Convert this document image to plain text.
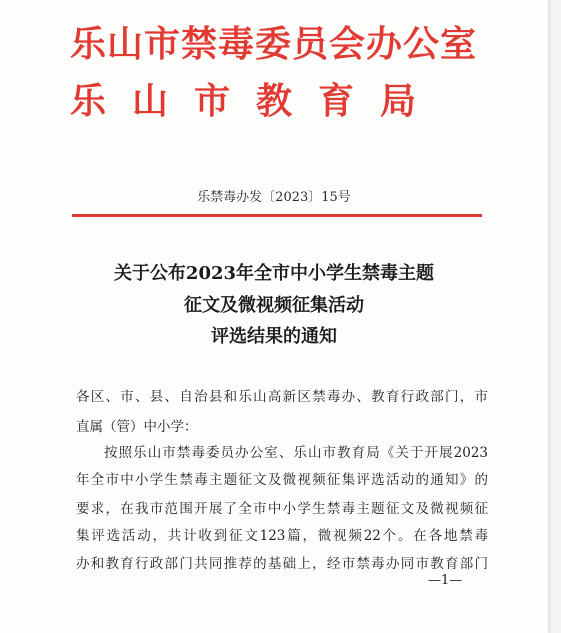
乐山市禁毒委员会办公室
乐山市教育局
乐禁毒办发〔2023〕15号
关于公布2023年全市中小学生禁毒主题
征文及微视频征集活动
评选结果的通知
各区、市、县、自治县和乐山高新区禁毒办、教育行政部门，市
直属（管）中小学：
按照乐山市禁毒委员办公室、乐山市教育局《关于开展2023
年全市中小学生禁毒主题征文及微视频征集评选活动的通知》的
要求，在我市范围开展了全市中小学生禁毒主题征文及微视频征
集评选活动，共计收到征文123篇，微视频22个。在各地禁毒
办和教育行政部门共同推荐的基础上，经市禁毒办同市教育部门
—1—
